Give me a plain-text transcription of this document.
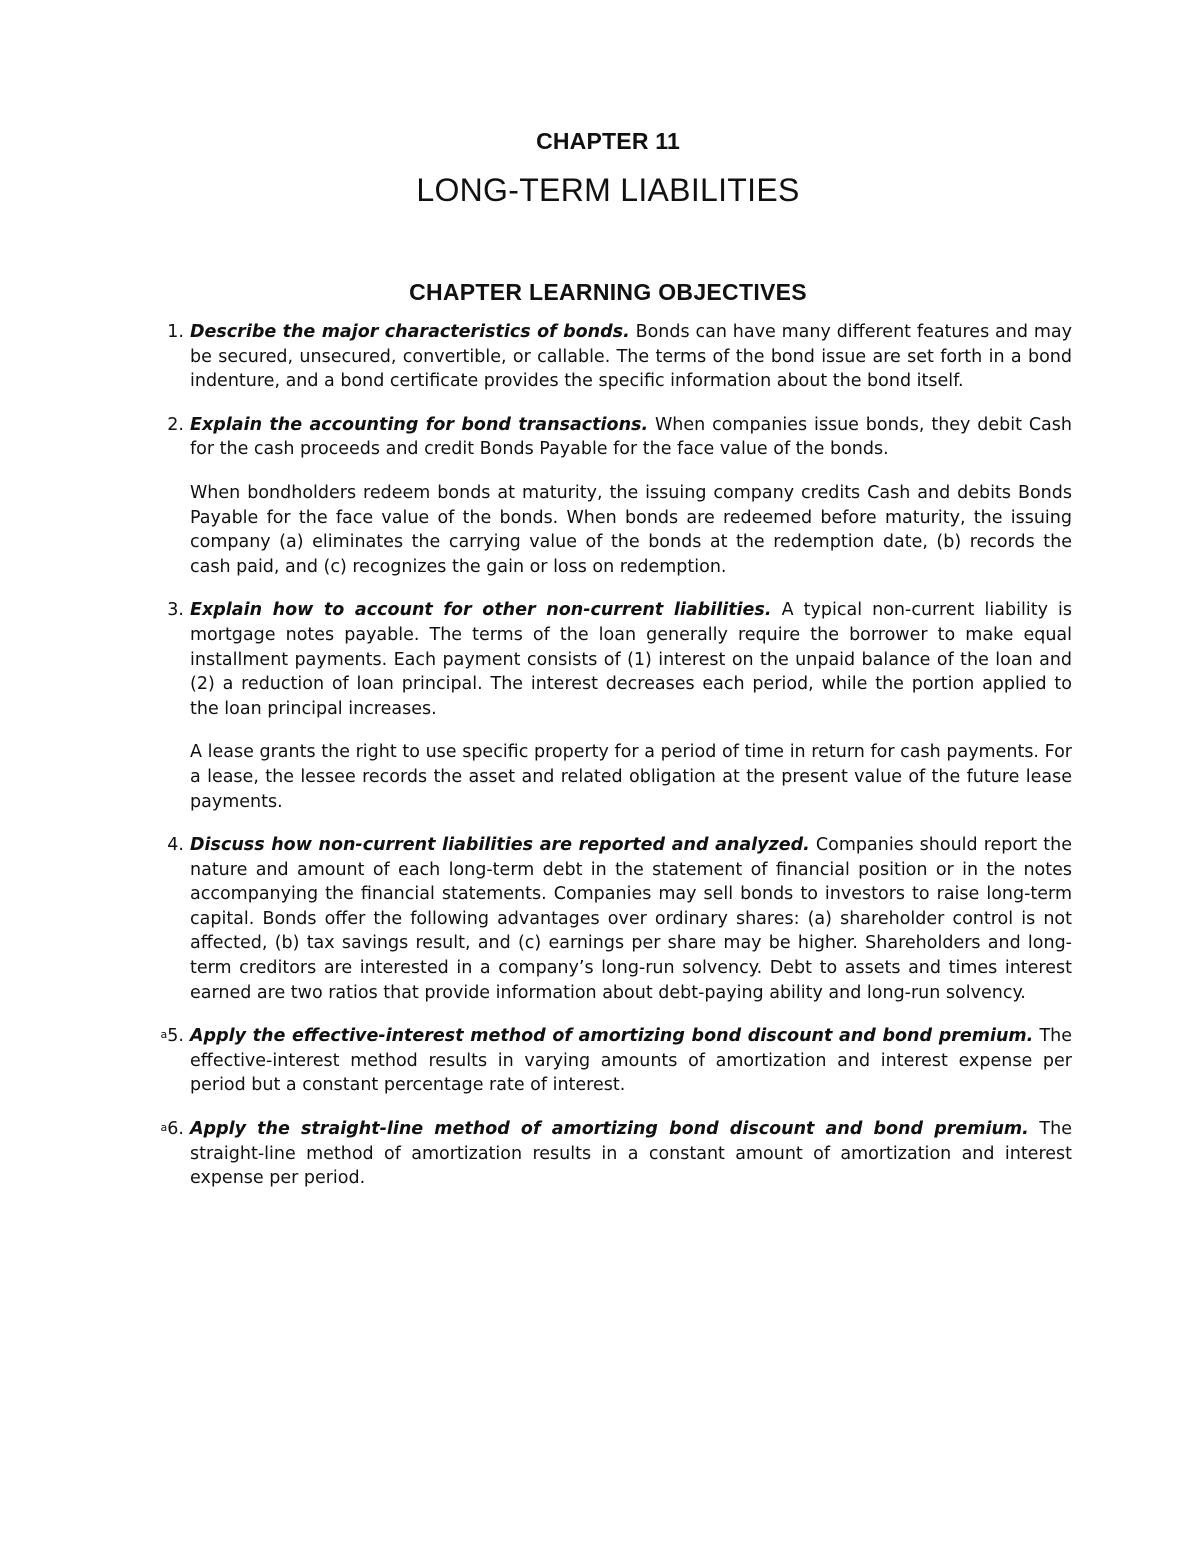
CHAPTER 11
LONG-TERM LIABILITIES
CHAPTER LEARNING OBJECTIVES
1. Describe the major characteristics of bonds. Bonds can have many different features and may be secured, unsecured, convertible, or callable. The terms of the bond issue are set forth in a bond indenture, and a bond certificate provides the specific information about the bond itself.

2. Explain the accounting for bond transactions. When companies issue bonds, they debit Cash for the cash proceeds and credit Bonds Payable for the face value of the bonds.

When bondholders redeem bonds at maturity, the issuing company credits Cash and debits Bonds Payable for the face value of the bonds. When bonds are redeemed before maturity, the issuing company (a) eliminates the carrying value of the bonds at the redemption date, (b) records the cash paid, and (c) recognizes the gain or loss on redemption.

3. Explain how to account for other non-current liabilities. A typical non-current liability is mortgage notes payable. The terms of the loan generally require the borrower to make equal installment payments. Each payment consists of (1) interest on the unpaid balance of the loan and (2) a reduction of loan principal. The interest decreases each period, while the portion applied to the loan principal increases.

A lease grants the right to use specific property for a period of time in return for cash payments. For a lease, the lessee records the asset and related obligation at the present value of the future lease payments.

4. Discuss how non-current liabilities are reported and analyzed. Companies should report the nature and amount of each long-term debt in the statement of financial position or in the notes accompanying the financial statements. Companies may sell bonds to investors to raise long-term capital. Bonds offer the following advantages over ordinary shares: (a) shareholder control is not affected, (b) tax savings result, and (c) earnings per share may be higher. Shareholders and long-term creditors are interested in a company’s long-run solvency. Debt to assets and times interest earned are two ratios that provide information about debt-paying ability and long-run solvency.

$^a$5. Apply the effective-interest method of amortizing bond discount and bond premium. The effective-interest method results in varying amounts of amortization and interest expense per period but a constant percentage rate of interest.

$^a$6. Apply the straight-line method of amortizing bond discount and bond premium. The straight-line method of amortization results in a constant amount of amortization and interest expense per period.
